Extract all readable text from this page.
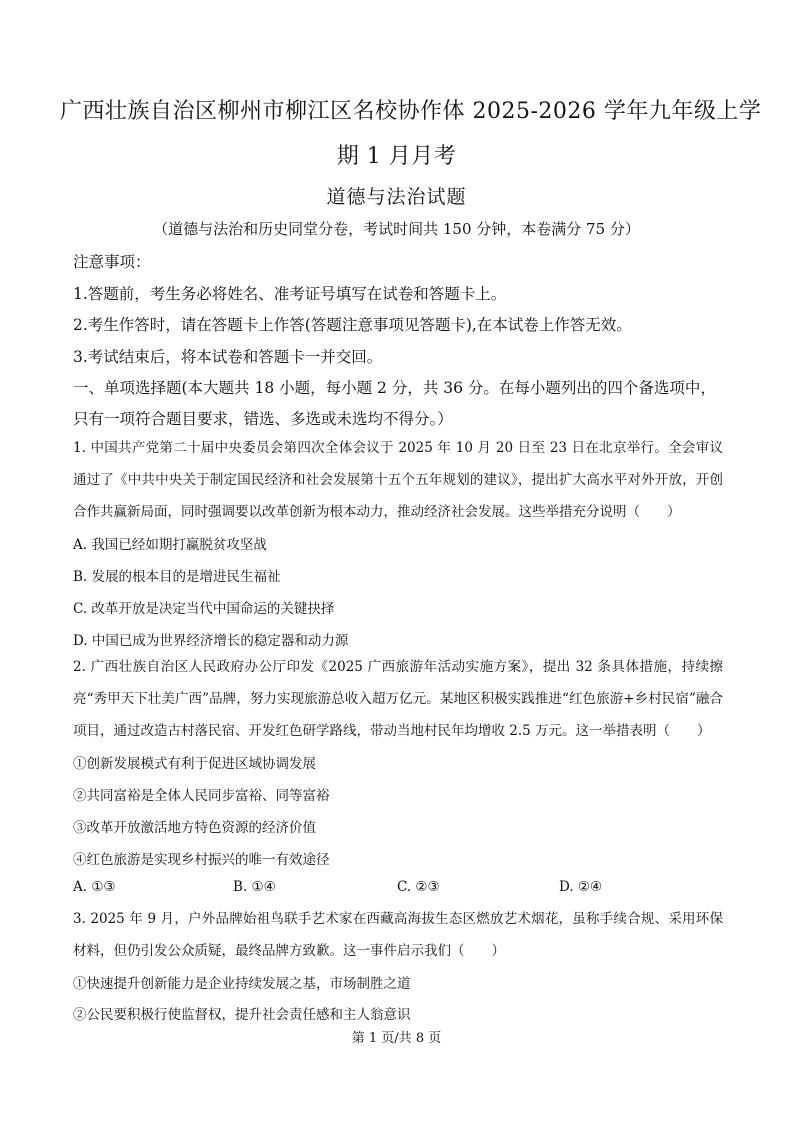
广西壮族自治区柳州市柳江区名校协作体 2025-2026 学年九年级上学
期 1 月月考
道德与法治试题
（道德与法治和历史同堂分卷，考试时间共 150 分钟，本卷满分 75 分）
注意事项：
1.答题前，考生务必将姓名、准考证号填写在试卷和答题卡上。
2.考生作答时，请在答题卡上作答(答题注意事项见答题卡),在本试卷上作答无效。
3.考试结束后，将本试卷和答题卡一并交回。
一、单项选择题(本大题共 18 小题，每小题 2 分，共 36 分。在每小题列出的四个备选项中，
只有一项符合题目要求，错选、多选或未选均不得分。）
1. 中国共产党第二十届中央委员会第四次全体会议于 2025 年 10 月 20 日至 23 日在北京举行。全会审议通过了《中共中央关于制定国民经济和社会发展第十五个五年规划的建议》，提出扩大高水平对外开放，开创合作共赢新局面，同时强调要以改革创新为根本动力，推动经济社会发展。这些举措充分说明（　　）
A. 我国已经如期打赢脱贫攻坚战
B. 发展的根本目的是增进民生福祉
C. 改革开放是决定当代中国命运的关键抉择
D. 中国已成为世界经济增长的稳定器和动力源
2. 广西壮族自治区人民政府办公厅印发《2025 广西旅游年活动实施方案》，提出 32 条具体措施，持续擦亮“秀甲天下壮美广西”品牌，努力实现旅游总收入超万亿元。某地区积极实践推进“红色旅游+乡村民宿”融合项目，通过改造古村落民宿、开发红色研学路线，带动当地村民年均增收 2.5 万元。这一举措表明（　　）
①创新发展模式有利于促进区域协调发展
②共同富裕是全体人民同步富裕、同等富裕
③改革开放激活地方特色资源的经济价值
④红色旅游是实现乡村振兴的唯一有效途径
A. ①③	B. ①④	C. ②③	D. ②④
3. 2025 年 9 月，户外品牌始祖鸟联手艺术家在西藏高海拔生态区燃放艺术烟花，虽称手续合规、采用环保材料，但仍引发公众质疑，最终品牌方致歉。这一事件启示我们（　　）
①快速提升创新能力是企业持续发展之基，市场制胜之道
②公民要积极行使监督权，提升社会责任感和主人翁意识
第 1 页/共 8 页
